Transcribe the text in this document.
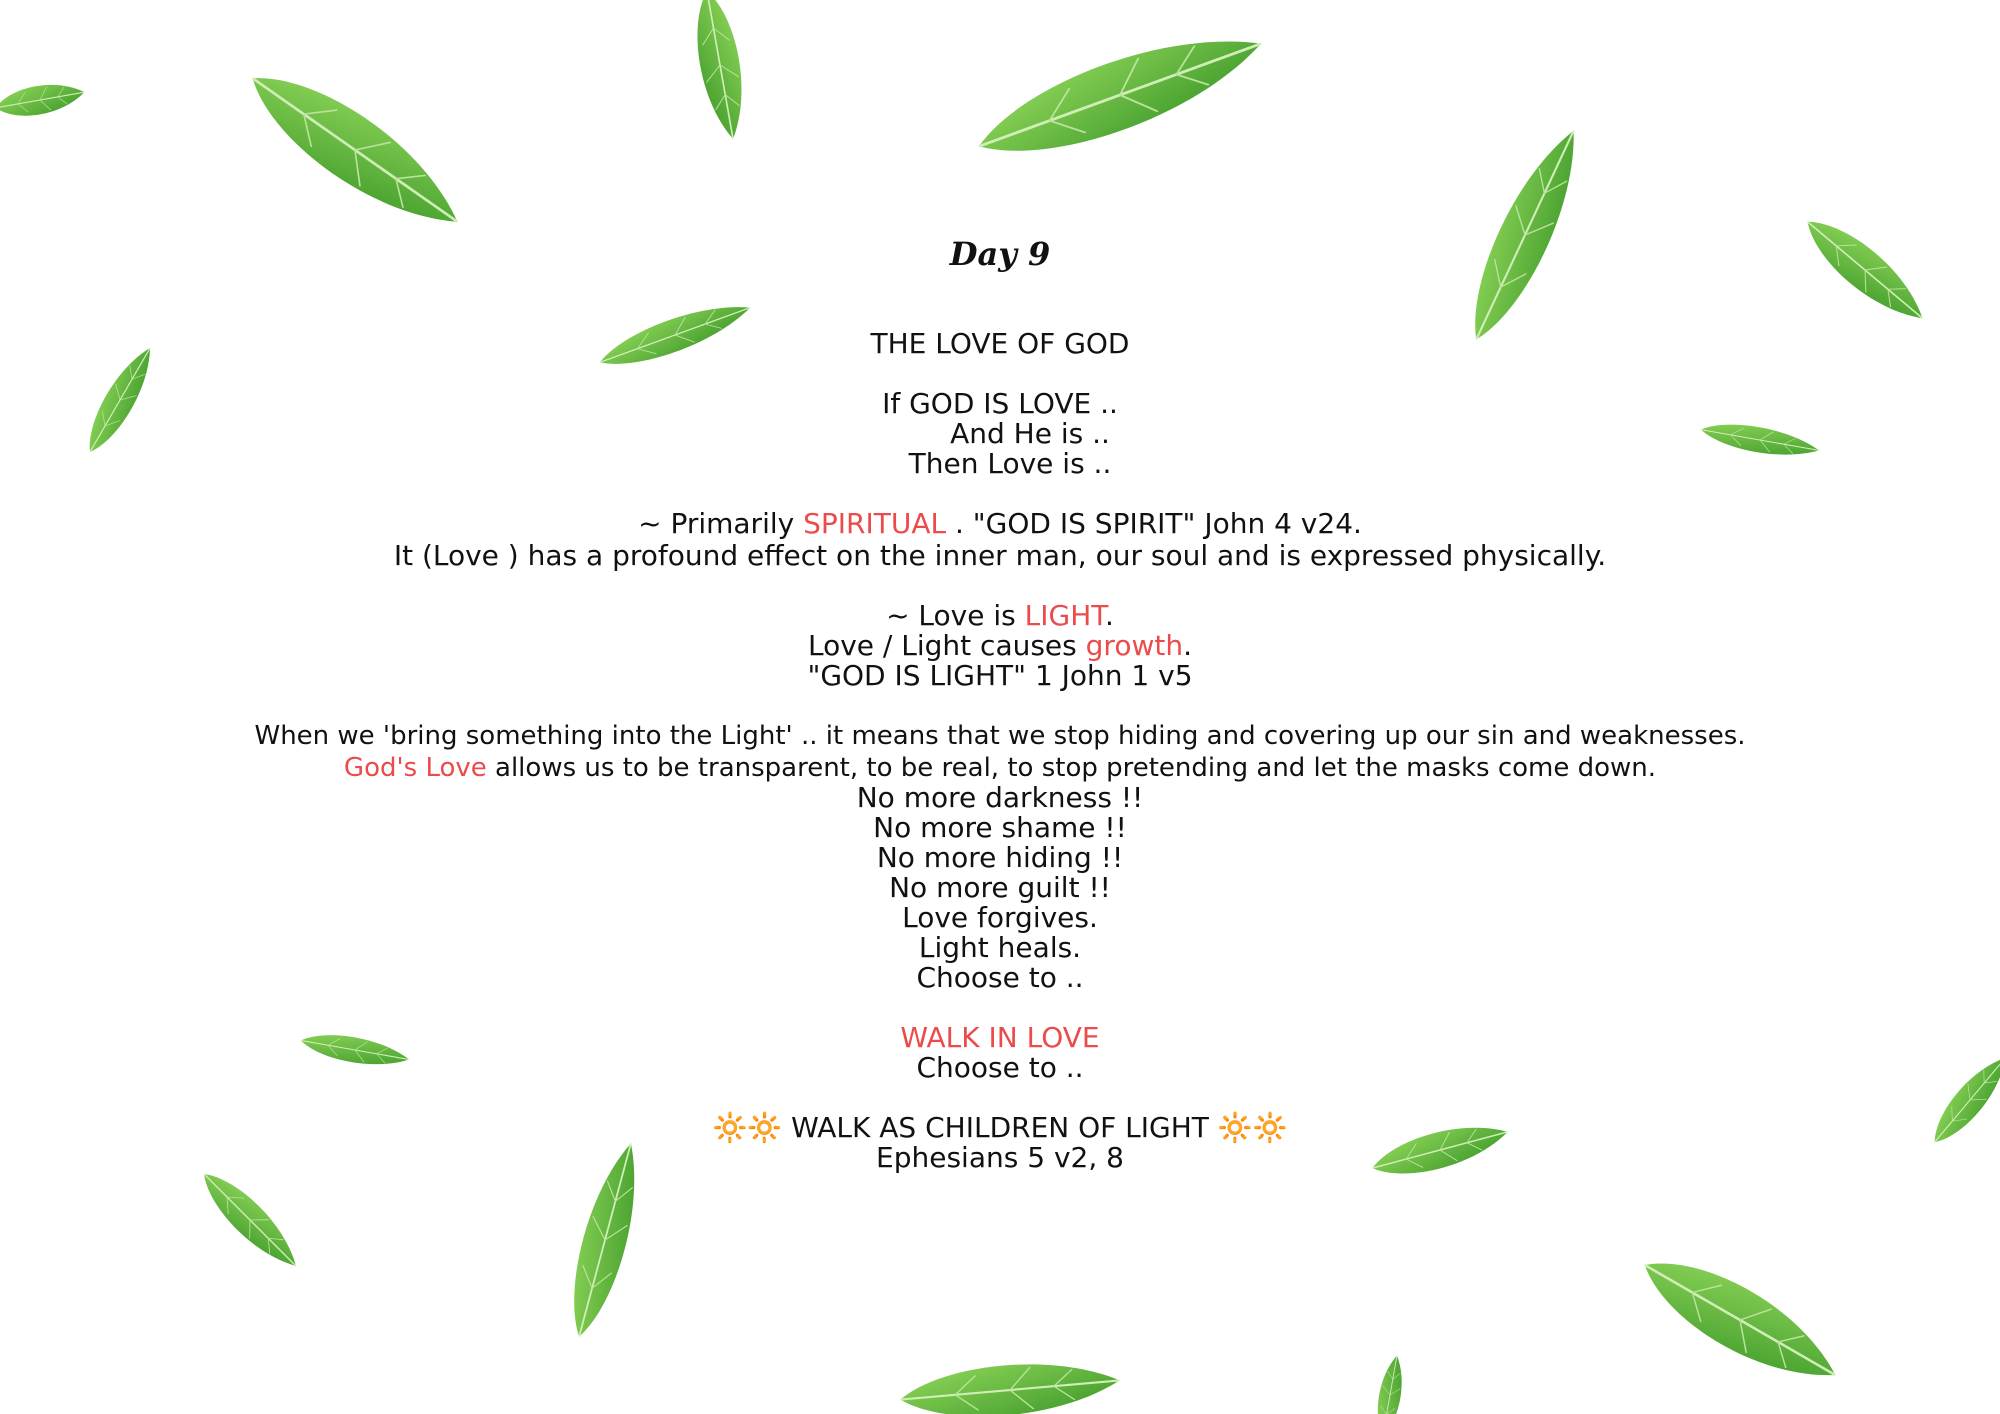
Day 9
THE LOVE OF GOD
If GOD IS LOVE ..
And He is ..
Then Love is ..
~ Primarily SPIRITUAL . "GOD IS SPIRIT" John 4 v24.
It (Love ) has a profound effect on the inner man, our soul and is expressed physically.
~ Love is LIGHT.
Love / Light causes growth.
"GOD IS LIGHT" 1 John 1 v5
When we 'bring something into the Light' .. it means that we stop hiding and covering up our sin and weaknesses.
God's Love allows us to be transparent, to be real, to stop pretending and let the masks come down.
No more darkness !!
No more shame !!
No more hiding !!
No more guilt !!
Love forgives.
Light heals.
Choose to ..
WALK IN LOVE
Choose to ..
🔆🔆 WALK AS CHILDREN OF LIGHT 🔆🔆
Ephesians 5 v2, 8
